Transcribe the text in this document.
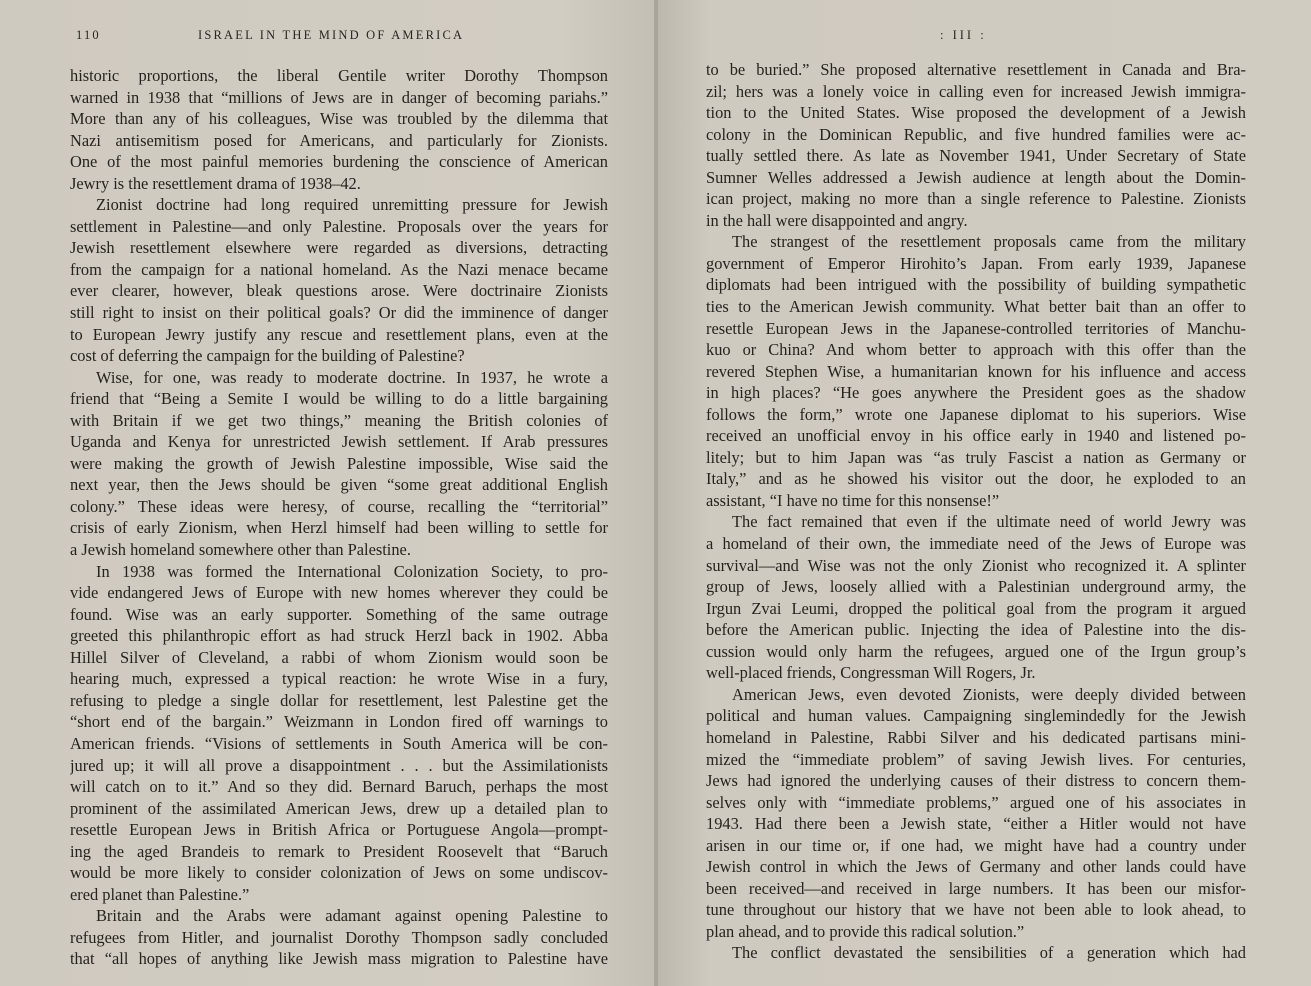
110	ISRAEL IN THE MIND OF AMERICA
historic proportions, the liberal Gentile writer Dorothy Thompson
warned in 1938 that “millions of Jews are in danger of becoming pariahs.”
More than any of his colleagues, Wise was troubled by the dilemma that
Nazi antisemitism posed for Americans, and particularly for Zionists.
One of the most painful memories burdening the conscience of American
Jewry is the resettlement drama of 1938–42.
Zionist doctrine had long required unremitting pressure for Jewish
settlement in Palestine—and only Palestine. Proposals over the years for
Jewish resettlement elsewhere were regarded as diversions, detracting
from the campaign for a national homeland. As the Nazi menace became
ever clearer, however, bleak questions arose. Were doctrinaire Zionists
still right to insist on their political goals? Or did the imminence of danger
to European Jewry justify any rescue and resettlement plans, even at the
cost of deferring the campaign for the building of Palestine?
Wise, for one, was ready to moderate doctrine. In 1937, he wrote a
friend that “Being a Semite I would be willing to do a little bargaining
with Britain if we get two things,” meaning the British colonies of
Uganda and Kenya for unrestricted Jewish settlement. If Arab pressures
were making the growth of Jewish Palestine impossible, Wise said the
next year, then the Jews should be given “some great additional English
colony.” These ideas were heresy, of course, recalling the “territorial”
crisis of early Zionism, when Herzl himself had been willing to settle for
a Jewish homeland somewhere other than Palestine.
In 1938 was formed the International Colonization Society, to pro-
vide endangered Jews of Europe with new homes wherever they could be
found. Wise was an early supporter. Something of the same outrage
greeted this philanthropic effort as had struck Herzl back in 1902. Abba
Hillel Silver of Cleveland, a rabbi of whom Zionism would soon be
hearing much, expressed a typical reaction: he wrote Wise in a fury,
refusing to pledge a single dollar for resettlement, lest Palestine get the
“short end of the bargain.” Weizmann in London fired off warnings to
American friends. “Visions of settlements in South America will be con-
jured up; it will all prove a disappointment . . . but the Assimilationists
will catch on to it.” And so they did. Bernard Baruch, perhaps the most
prominent of the assimilated American Jews, drew up a detailed plan to
resettle European Jews in British Africa or Portuguese Angola—prompt-
ing the aged Brandeis to remark to President Roosevelt that “Baruch
would be more likely to consider colonization of Jews on some undiscov-
ered planet than Palestine.”
Britain and the Arabs were adamant against opening Palestine to
refugees from Hitler, and journalist Dorothy Thompson sadly concluded
that “all hopes of anything like Jewish mass migration to Palestine have
: III :
to be buried.” She proposed alternative resettlement in Canada and Bra-
zil; hers was a lonely voice in calling even for increased Jewish immigra-
tion to the United States. Wise proposed the development of a Jewish
colony in the Dominican Republic, and five hundred families were ac-
tually settled there. As late as November 1941, Under Secretary of State
Sumner Welles addressed a Jewish audience at length about the Domin-
ican project, making no more than a single reference to Palestine. Zionists
in the hall were disappointed and angry.
The strangest of the resettlement proposals came from the military
government of Emperor Hirohito’s Japan. From early 1939, Japanese
diplomats had been intrigued with the possibility of building sympathetic
ties to the American Jewish community. What better bait than an offer to
resettle European Jews in the Japanese-controlled territories of Manchu-
kuo or China? And whom better to approach with this offer than the
revered Stephen Wise, a humanitarian known for his influence and access
in high places? “He goes anywhere the President goes as the shadow
follows the form,” wrote one Japanese diplomat to his superiors. Wise
received an unofficial envoy in his office early in 1940 and listened po-
litely; but to him Japan was “as truly Fascist a nation as Germany or
Italy,” and as he showed his visitor out the door, he exploded to an
assistant, “I have no time for this nonsense!”
The fact remained that even if the ultimate need of world Jewry was
a homeland of their own, the immediate need of the Jews of Europe was
survival—and Wise was not the only Zionist who recognized it. A splinter
group of Jews, loosely allied with a Palestinian underground army, the
Irgun Zvai Leumi, dropped the political goal from the program it argued
before the American public. Injecting the idea of Palestine into the dis-
cussion would only harm the refugees, argued one of the Irgun group’s
well-placed friends, Congressman Will Rogers, Jr.
American Jews, even devoted Zionists, were deeply divided between
political and human values. Campaigning singlemindedly for the Jewish
homeland in Palestine, Rabbi Silver and his dedicated partisans mini-
mized the “immediate problem” of saving Jewish lives. For centuries,
Jews had ignored the underlying causes of their distress to concern them-
selves only with “immediate problems,” argued one of his associates in
1943. Had there been a Jewish state, “either a Hitler would not have
arisen in our time or, if one had, we might have had a country under
Jewish control in which the Jews of Germany and other lands could have
been received—and received in large numbers. It has been our misfor-
tune throughout our history that we have not been able to look ahead, to
plan ahead, and to provide this radical solution.”
The conflict devastated the sensibilities of a generation which had
